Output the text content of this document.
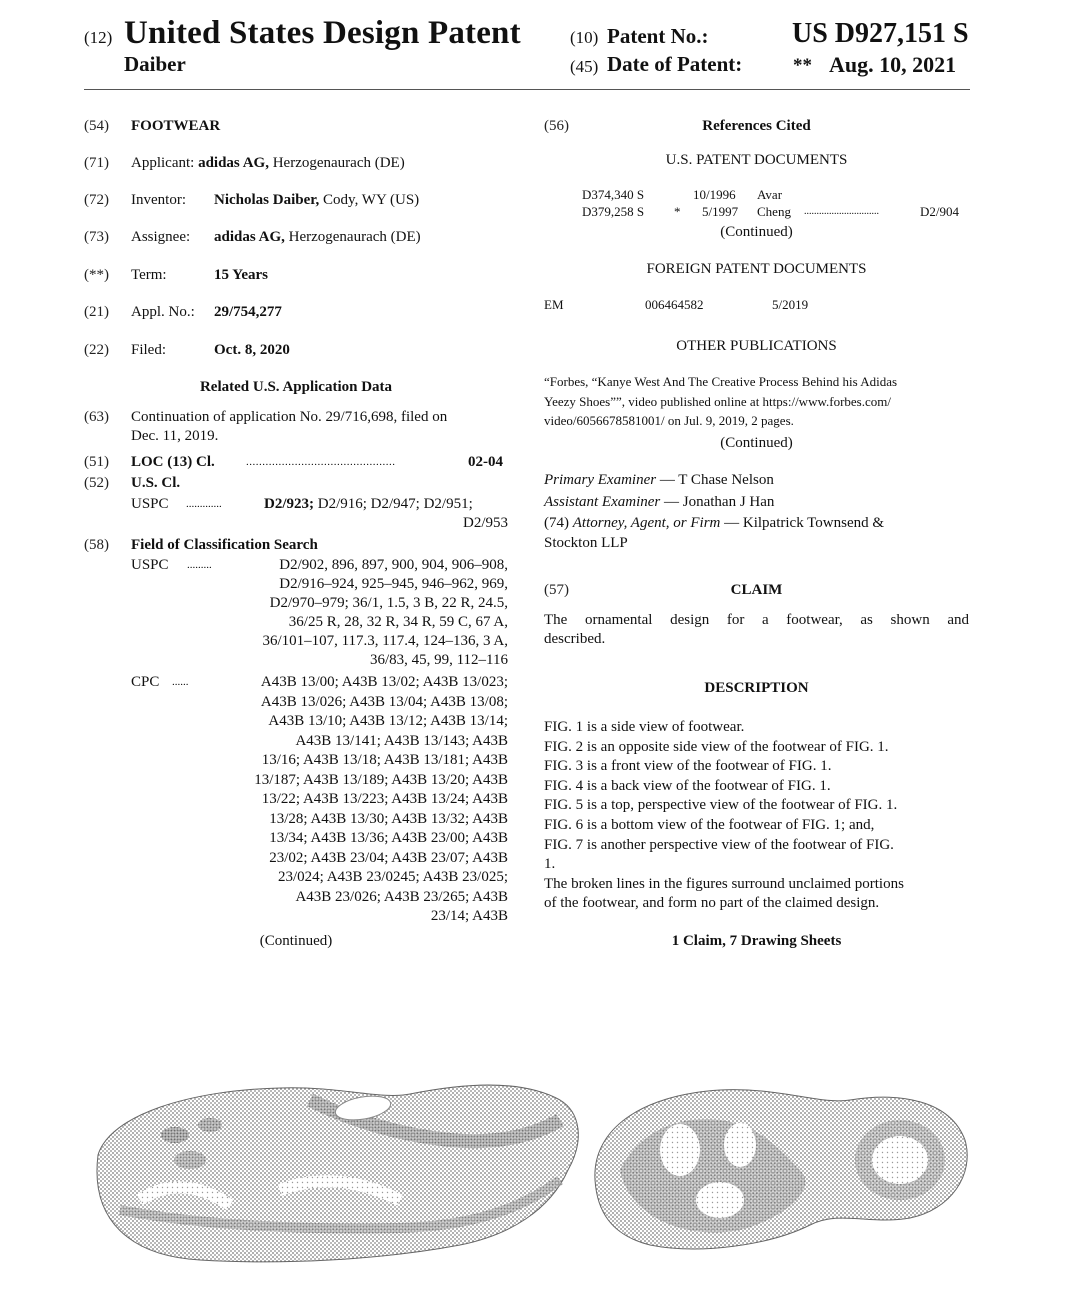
(12) United States Design Patent
Daiber
(10) Patent No.:	US D927,151 S
(45) Date of Patent:	** Aug. 10, 2021
(54) FOOTWEAR
(71) Applicant: adidas AG, Herzogenaurach (DE)
(72) Inventor: Nicholas Daiber, Cody, WY (US)
(73) Assignee: adidas AG, Herzogenaurach (DE)
(**) Term:	15 Years
(21) Appl. No.: 29/754,277
(22) Filed:	Oct. 8, 2020
Related U.S. Application Data
(63) Continuation of application No. 29/716,698, filed on
Dec. 11, 2019.
(51) LOC (13) Cl.	..............................................	02-04
(52) U.S. Cl.
USPC .............	D2/923; D2/916; D2/947; D2/951;
D2/953
(58) Field of Classification Search
USPC .........	D2/902, 896, 897, 900, 904, 906–908,
D2/916–924, 925–945, 946–962, 969,
D2/970–979; 36/1, 1.5, 3 B, 22 R, 24.5,
36/25 R, 28, 32 R, 34 R, 59 C, 67 A,
36/101–107, 117.3, 117.4, 124–136, 3 A,
36/83, 45, 99, 112–116
CPC ......	A43B 13/00; A43B 13/02; A43B 13/023;
A43B 13/026; A43B 13/04; A43B 13/08;
A43B 13/10; A43B 13/12; A43B 13/14;
A43B 13/141; A43B 13/143; A43B
13/16; A43B 13/18; A43B 13/181; A43B
13/187; A43B 13/189; A43B 13/20; A43B
13/22; A43B 13/223; A43B 13/24; A43B
13/28; A43B 13/30; A43B 13/32; A43B
13/34; A43B 13/36; A43B 23/00; A43B
23/02; A43B 23/04; A43B 23/07; A43B
23/024; A43B 23/0245; A43B 23/025;
A43B 23/026; A43B 23/265; A43B
23/14; A43B
(Continued)
(56)	References Cited
U.S. PATENT DOCUMENTS
D374,340 S	10/1996 Avar
D379,258 S * 5/1997 Cheng ..............................	D2/904
(Continued)
FOREIGN PATENT DOCUMENTS
EM	006464582	5/2019
OTHER PUBLICATIONS
“Forbes, “Kanye West And The Creative Process Behind his Adidas
Yeezy Shoes””, video published online at https://www.forbes.com/
video/6056678581001/ on Jul. 9, 2019, 2 pages.
(Continued)
Primary Examiner — T Chase Nelson
Assistant Examiner — Jonathan J Han
(74) Attorney, Agent, or Firm — Kilpatrick Townsend &
Stockton LLP
(57)	CLAIM
The ornamental design for a footwear, as shown and
described.
DESCRIPTION
FIG. 1 is a side view of footwear.
FIG. 2 is an opposite side view of the footwear of FIG. 1.
FIG. 3 is a front view of the footwear of FIG. 1.
FIG. 4 is a back view of the footwear of FIG. 1.
FIG. 5 is a top, perspective view of the footwear of FIG. 1.
FIG. 6 is a bottom view of the footwear of FIG. 1; and,
FIG. 7 is another perspective view of the footwear of FIG.
1.
The broken lines in the figures surround unclaimed portions
of the footwear, and form no part of the claimed design.
1 Claim, 7 Drawing Sheets
